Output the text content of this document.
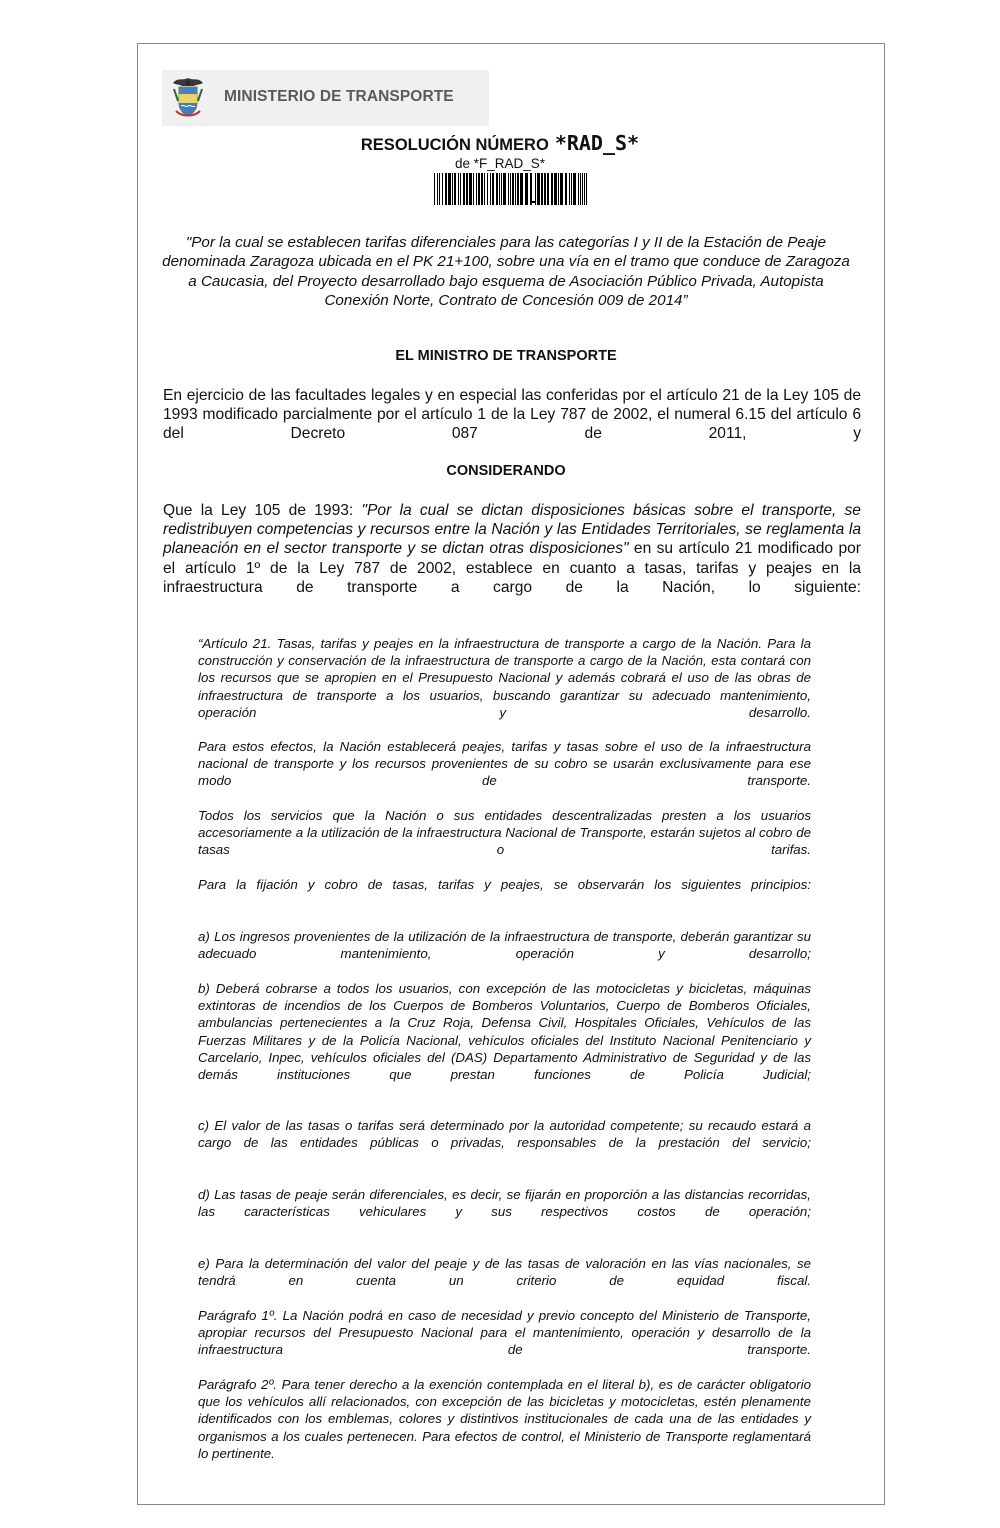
MINISTERIO DE TRANSPORTE
RESOLUCIÓN NÚMERO *RAD_S*
de *F_RAD_S*
"Por la cual se establecen tarifas diferenciales para las categorías I y II de la Estación de Peaje denominada Zaragoza ubicada en el PK 21+100, sobre una vía en el tramo que conduce de Zaragoza a Caucasia, del Proyecto desarrollado bajo esquema de Asociación Público Privada, Autopista Conexión Norte, Contrato de Concesión 009 de 2014”
EL MINISTRO DE TRANSPORTE
En ejercicio de las facultades legales y en especial las conferidas por el artículo 21 de la Ley 105 de 1993 modificado parcialmente por el artículo 1 de la Ley 787 de 2002, el numeral 6.15 del artículo 6 del Decreto 087 de 2011, y
CONSIDERANDO
Que la Ley 105 de 1993: "Por la cual se dictan disposiciones básicas sobre el transporte, se redistribuyen competencias y recursos entre la Nación y las Entidades Territoriales, se reglamenta la planeación en el sector transporte y se dictan otras disposiciones" en su artículo 21 modificado por el artículo 1º de la Ley 787 de 2002, establece en cuanto a tasas, tarifas y peajes en la infraestructura de transporte a cargo de la Nación, lo siguiente:
“Artículo 21. Tasas, tarifas y peajes en la infraestructura de transporte a cargo de la Nación. Para la construcción y conservación de la infraestructura de transporte a cargo de la Nación, esta contará con los recursos que se apropien en el Presupuesto Nacional y además cobrará el uso de las obras de infraestructura de transporte a los usuarios, buscando garantizar su adecuado mantenimiento, operación y desarrollo.
Para estos efectos, la Nación establecerá peajes, tarifas y tasas sobre el uso de la infraestructura nacional de transporte y los recursos provenientes de su cobro se usarán exclusivamente para ese modo de transporte.
Todos los servicios que la Nación o sus entidades descentralizadas presten a los usuarios accesoriamente a la utilización de la infraestructura Nacional de Transporte, estarán sujetos al cobro de tasas o tarifas.
Para la fijación y cobro de tasas, tarifas y peajes, se observarán los siguientes principios:
a) Los ingresos provenientes de la utilización de la infraestructura de transporte, deberán garantizar su adecuado mantenimiento, operación y desarrollo;
b) Deberá cobrarse a todos los usuarios, con excepción de las motocicletas y bicicletas, máquinas extintoras de incendios de los Cuerpos de Bomberos Voluntarios, Cuerpo de Bomberos Oficiales, ambulancias pertenecientes a la Cruz Roja, Defensa Civil, Hospitales Oficiales, Vehículos de las Fuerzas Militares y de la Policía Nacional, vehículos oficiales del Instituto Nacional Penitenciario y Carcelario, Inpec, vehículos oficiales del (DAS) Departamento Administrativo de Seguridad y de las demás instituciones que prestan funciones de Policía Judicial;
c) El valor de las tasas o tarifas será determinado por la autoridad competente; su recaudo estará a cargo de las entidades públicas o privadas, responsables de la prestación del servicio;
d) Las tasas de peaje serán diferenciales, es decir, se fijarán en proporción a las distancias recorridas, las características vehiculares y sus respectivos costos de operación;
e) Para la determinación del valor del peaje y de las tasas de valoración en las vías nacionales, se tendrá en cuenta un criterio de equidad fiscal.
Parágrafo 1º. La Nación podrá en caso de necesidad y previo concepto del Ministerio de Transporte, apropiar recursos del Presupuesto Nacional para el mantenimiento, operación y desarrollo de la infraestructura de transporte.
Parágrafo 2º. Para tener derecho a la exención contemplada en el literal b), es de carácter obligatorio que los vehículos allí relacionados, con excepción de las bicicletas y motocicletas, estén plenamente identificados con los emblemas, colores y distintivos institucionales de cada una de las entidades y organismos a los cuales pertenecen. Para efectos de control, el Ministerio de Transporte reglamentará lo pertinente.
